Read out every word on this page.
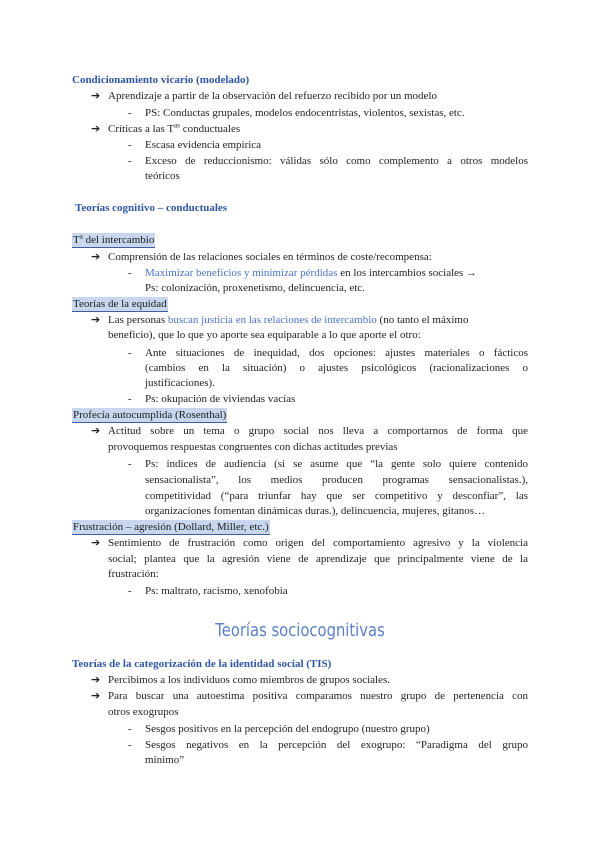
Condicionamiento vicario (modelado)
➔ Aprendizaje a partir de la observación del refuerzo recibido por un modelo
- PS: Conductas grupales, modelos endocentristas, violentos, sexistas, etc.
➔ Críticas a las $T^{as}$ conductuales
- Escasa evidencia empírica
- Exceso de reduccionismo: válidas sólo como complemento a otros modelos
teóricos
Teorías cognitivo – conductuales
$T^a$ del intercambio
➔ Comprensión de las relaciones sociales en términos de coste/recompensa:
- Maximizar beneficios y minimizar pérdidas en los intercambios sociales →
Ps: colonización, proxenetismo, delincuencia, etc.
Teorías de la equidad
➔ Las personas buscan justicia en las relaciones de intercambio (no tanto el máximo
beneficio), que lo que yo aporte sea equiparable a lo que aporte el otro:
- Ante situaciones de inequidad, dos opciones: ajustes materiales o fácticos
(cambios en la situación) o ajustes psicológicos (racionalizaciones o
justificaciones).
- Ps: okupación de viviendas vacías
Profecía autocumplida (Rosenthal)
➔ Actitud sobre un tema o grupo social nos lleva a comportarnos de forma que
provoquemos respuestas congruentes con dichas actitudes previas
- Ps: índices de audiencia (si se asume que “la gente solo quiere contenido
sensacionalista”, los medios producen programas sensacionalistas.),
competitividad (“para triunfar hay que ser competitivo y desconfiar”, las
organizaciones fomentan dinámicas duras.), delincuencia, mujeres, gitanos…
Frustración – agresión (Dollard, Miller, etc.)
➔ Sentimiento de frustración como origen del comportamiento agresivo y la violencia
social; plantea que la agresión viene de aprendizaje que principalmente viene de la
frustración:
- Ps: maltrato, racismo, xenofobia
Teorías sociocognitivas
Teorías de la categorización de la identidad social (TIS)
➔ Percibimos a los individuos como miembros de grupos sociales.
➔ Para buscar una autoestima positiva comparamos nuestro grupo de pertenencia con
otros exogrupos
- Sesgos positivos en la percepción del endogrupo (nuestro grupo)
- Sesgos negativos en la percepción del exogrupo: “Paradigma del grupo
mínimo”
